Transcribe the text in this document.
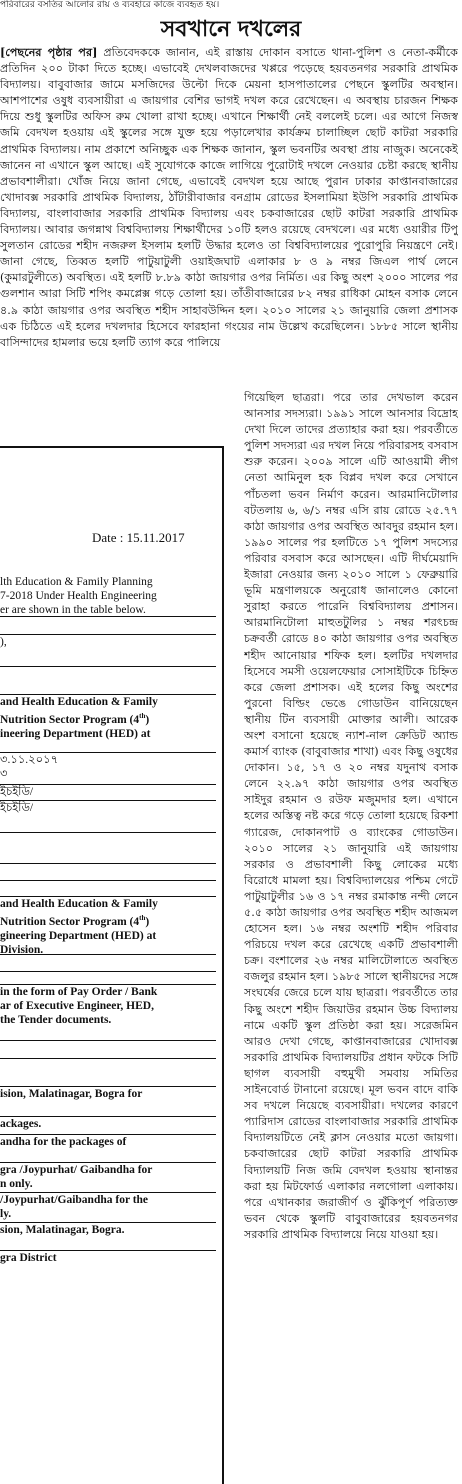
পরিবারের বসতির আলোর রায় ও ব্যবহারে কাজে ব্যবহৃত হয়।
সবখানে দখলের

[পেছনের পৃষ্ঠার পর] প্রতিবেদককে জানান, এই রাস্তায় দোকান বসাতে থানা-পুলিশ ও নেতা-কর্মীকে প্রতিদিন ২০০ টাকা দিতে হচ্ছে। এভাবেই দেখলবাজদের খপ্পরে পড়েছে হয়বতনগর সরকারি প্রাথমিক বিদ্যালয়। বাবুবাজার জামে মসজিদের উল্টো দিকে মেয়না হাসপাতালের পেছনে স্কুলটির অবস্থান। আশপাশের ওষুধ ব্যবসায়ীরা এ জায়গার বেশির ভাগই দখল করে রেখেছেন। এ অবস্থায় চারজন শিক্ষক দিয়ে শুধু স্কুলটির অফিস রুম খোলা রাখা হচ্ছে। এখানে শিক্ষার্থী নেই বললেই চলে। এর আগে নিজস্ব জমি বেদখল হওয়ায় এই স্কুলের সঙ্গে যুক্ত হয়ে পড়ালেখার কার্যক্রম চালাচ্ছিল ছোট কাটরা সরকারি প্রাথমিক বিদ্যালয়। নাম প্রকাশে অনিচ্ছুক এক শিক্ষক জানান, স্কুল ভবনটির অবস্থা প্রায় নাজুক। অনেকেই জানেন না এখানে স্কুল আছে। এই সুযোগকে কাজে লাগিয়ে পুরোটাই দখলে নেওয়ার চেষ্টা করছে স্থানীয় প্রভাবশালীরা। খোঁজ নিয়ে জানা গেছে, এভাবেই বেদখল হয়ে আছে পুরান ঢাকার কাপ্তানবাজারের খোদাবক্স সরকারি প্রাথমিক বিদ্যালয়, ঠাঁটারীবাজার বনগ্রাম রোডের ইসলামিয়া ইউপি সরকারি প্রাথমিক বিদ্যালয়, বাংলাবাজার সরকারি প্রাথমিক বিদ্যালয় এবং চকবাজারের ছোট কাটরা সরকারি প্রাথমিক বিদ্যালয়। আবার জগন্নাথ বিশ্ববিদ্যালয় শিক্ষার্থীদের ১০টি হলও রয়েছে বেদখলে। এর মধ্যে ওয়ারীর টিপু সুলতান রোডের শহীদ নজরুল ইসলাম হলটি উদ্ধার হলেও তা বিশ্ববিদ্যালয়ের পুরোপুরি নিয়ন্ত্রণে নেই। জানা গেছে, তিব্বত হলটি পাটুয়াটুলী ওয়াইজঘাট এলাকার ৮ ও ৯ নম্বর জিএল পার্থ লেনে (কুমারটুলীতে) অবস্থিত। এই হলটি ৮.৮৯ কাঠা জায়গার ওপর নির্মিত। এর কিছু অংশ ২০০০ সালের পর গুলশান আরা সিটি শপিং কমপ্লেক্স গড়ে তোলা হয়। তাঁতীবাজারের ৮২ নম্বর রাধিকা মোহন বসাক লেনে ৪.৯ কাঠা জায়গার ওপর অবস্থিত শহীদ সাহাবউদ্দিন হল। ২০১০ সালের ২১ জানুয়ারি জেলা প্রশাসক এক চিঠিতে এই হলের দখলদার হিসেবে ফারহানা গংয়ের নাম উল্লেখ করেছিলেন। ১৮৮৫ সালে স্থানীয় বাসিন্দাদের হামলার ভয়ে হলটি ত্যাগ করে পালিয়ে

গিয়েছিল ছাত্ররা। পরে তার দেখভাল করেন আনসার সদস্যরা। ১৯৯১ সালে আনসার বিদ্রোহ দেখা দিলে তাদের প্রত্যাহার করা হয়। পরবর্তীতে পুলিশ সদস্যরা এর দখল নিয়ে পরিবারসহ বসবাস শুরু করেন। ২০০৯ সালে এটি আওয়ামী লীগ নেতা আমিনুল হক বিপ্লব দখল করে সেখানে পাঁচতলা ভবন নির্মাণ করেন। আরমানিটোলার বটতলায় ৬, ৬/১ নম্বর এসি রায় রোডে ২৫.৭৭ কাঠা জায়গার ওপর অবস্থিত আবদুর রহমান হল। ১৯৯০ সালের পর হলটিতে ১৭ পুলিশ সদস্যের পরিবার বসবাস করে আসছেন। এটি দীর্ঘমেয়াদি ইজারা নেওয়ার জন্য ২০১০ সালে ১ ফেব্রুয়ারি ভূমি মন্ত্রণালয়কে অনুরোধ জানালেও কোনো সুরাহা করতে পারেনি বিশ্ববিদ্যালয় প্রশাসন। আরমানিটোলা মাহুতটুলির ১ নম্বর শরৎচন্দ্র চক্রবর্তী রোডে ৪০ কাঠা জায়গার ওপর অবস্থিত শহীদ আনোয়ার শফিক হল। হলটির দখলদার হিসেবে সমসী ওয়েলফেয়ার সোসাইটিকে চিহ্নিত করে জেলা প্রশাসক। এই হলের কিছু অংশের পুরনো বিল্ডিং ভেঙে গোডাউন বানিয়েছেন স্থানীয় টিন ব্যবসায়ী মোক্তার আলী। আরেক অংশ বসানো হয়েছে ন্যাশ-নাল ক্রেডিট অ্যান্ড কমার্স ব্যাংক (বাবুবাজার শাখা) এবং কিছু ওষুধের দোকান। ১৫, ১৭ ও ২০ নম্বর যদুনাথ বসাক লেনে ২২.৯৭ কাঠা জায়গার ওপর অবস্থিত সাইদুর রহমান ও রউফ মজুমদার হল। এখানে হলের অস্তিত্ব নষ্ট করে গড়ে তোলা হয়েছে রিকশা গ্যারেজ, দোকানপাট ও ব্যাংকের গোডাউন। ২০১০ সালের ২১ জানুয়ারি এই জায়গায় সরকার ও প্রভাবশালী কিছু লোকের মধ্যে বিরোধে মামলা হয়। বিশ্ববিদ্যালয়ের পশ্চিম গেটে পাটুয়াটুলীর ১৬ ও ১৭ নম্বর রমাকান্ত নন্দী লেনে ৫.৫ কাঠা জায়গার ওপর অবস্থিত শহীদ আজমল হোসেন হল। ১৬ নম্বর অংশটি শহীদ পরিবার পরিচয়ে দখল করে রেখেছে একটি প্রভাবশালী চক্র। বংশালের ২৬ নম্বর মালিটোলাতে অবস্থিত বজলুর রহমান হল। ১৯৮৫ সালে স্থানীয়দের সঙ্গে সংঘর্ষের জেরে চলে যায় ছাত্ররা। পরবর্তীতে তার কিছু অংশে শহীদ জিয়াউর রহমান উচ্চ বিদ্যালয় নামে একটি স্কুল প্রতিষ্ঠা করা হয়। সরেজমিন আরও দেখা গেছে, কাপ্তানবাজারের খোদাবক্স সরকারি প্রাথমিক বিদ্যালয়টির প্রধান ফটকে সিটি ছাগল ব্যবসায়ী বহুমুখী সমবায় সমিতির সাইনবোর্ড টানানো রয়েছে। মূল ভবন বাদে বাকি সব দখলে নিয়েছে ব্যবসায়ীরা। দখলের কারণে প্যারিদাস রোডের বাংলাবাজার সরকারি প্রাথমিক বিদ্যালয়টিতে নেই ক্লাস নেওয়ার মতো জায়গা। চকবাজারের ছোট কাটরা সরকারি প্রাথমিক বিদ্যালয়টি নিজ জমি বেদখল হওয়ায় স্থানান্তর করা হয় মিটফোর্ড এলাকার নলগোলা এলাকায়। পরে এখানকার জরাজীর্ণ ও ঝুঁকিপূর্ণ পরিত্যক্ত ভবন থেকে স্কুলটি বাবুবাজারের হয়বতনগর সরকারি প্রাথমিক বিদ্যালয়ে নিয়ে যাওয়া হয়।

Date : 15.11.2017
lth Education & Family Planning
7-2018 Under Health Engineering
er are shown in the table below.

),

and Health Education & Family
Nutrition Sector Program (4th)
ineering Department (HED) at
৩.১১.২০১৭
৩
ইচইডি/
ইচইডি/

and Health Education & Family
Nutrition Sector Program (4th)
gineering Department (HED) at
Division.

in the form of Pay Order / Bank
ar of Executive Engineer, HED,
the Tender documents.

ision, Malatinagar, Bogra for

ackages.
andha for the packages of
gra /Joypurhat/ Gaibandha for
n only.
/Joypurhat/Gaibandha for the
ly.
sion, Malatinagar, Bogra.
gra District
